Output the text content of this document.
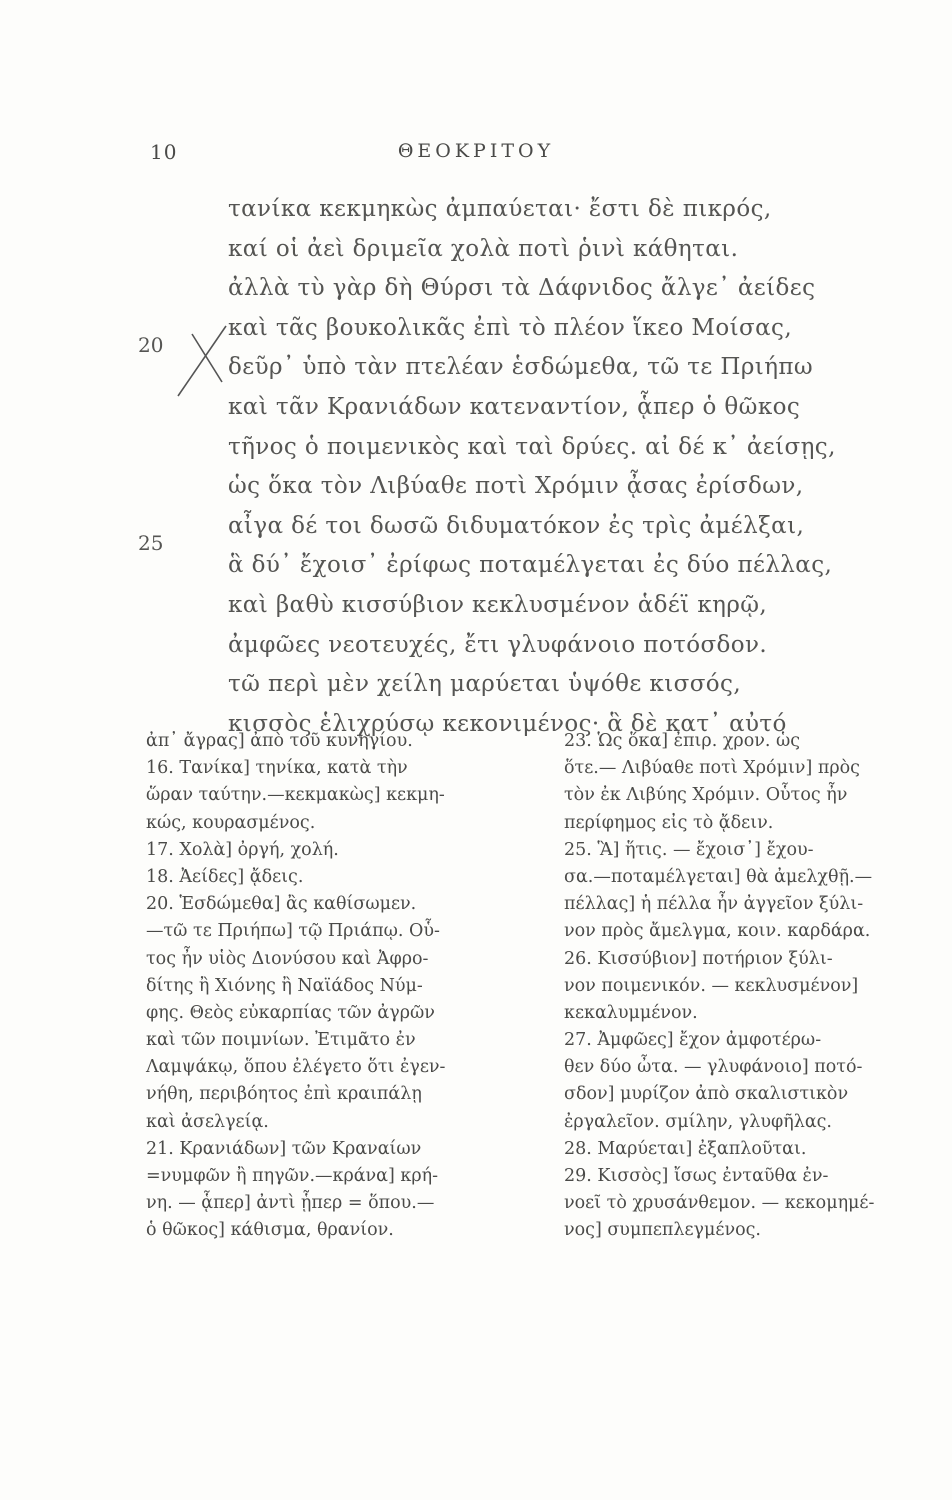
10	ΘΕΟΚΡΙΤΟΥ
20
25
τανίκα κεκμηκὼς ἀμπαύεται· ἔστι δὲ πικρός,
καί οἱ ἀεὶ δριμεῖα χολὰ ποτὶ ῥινὶ κάθηται.
ἀλλὰ τὺ γὰρ δὴ Θύρσι τὰ Δάφνιδος ἄλγε᾽ ἀείδες
καὶ τᾶς βουκολικᾶς ἐπὶ τὸ πλέον ἵκεο Μοίσας,
δεῦρ᾽ ὑπὸ τὰν πτελέαν ἑσδώμεθα, τῶ τε Πριήπω
καὶ τᾶν Κρανιάδων κατεναντίον, ᾇπερ ὁ θῶκος
τῆνος ὁ ποιμενικὸς καὶ ταὶ δρύες. αἰ δέ κ᾽ ἀείσῃς,
ὡς ὅκα τὸν Λιβύαθε ποτὶ Χρόμιν ᾆσας ἐρίσδων,
αἶγα δέ τοι δωσῶ διδυματόκον ἐς τρὶς ἀμέλξαι,
ἃ δύ᾽ ἔχοισ᾽ ἐρίφως ποταμέλγεται ἐς δύο πέλλας,
καὶ βαθὺ κισσύβιον κεκλυσμένον ἁδέϊ κηρῷ,
ἀμφῶες νεοτευχές, ἔτι γλυφάνοιο ποτόσδον.
τῶ περὶ μὲν χείλη μαρύεται ὑψόθε κισσός,
κισσὸς ἑλιχρύσῳ κεκονιμένος· ἃ δὲ κατ᾽ αὐτό
ἀπ᾽ ἄγρας] ἀπὸ τοῦ κυνηγίου.
16. Τανίκα] τηνίκα, κατὰ τὴν
ὥραν ταύτην.—κεκμακὼς] κεκμη-
κώς, κουρασμένος.
17. Χολὰ] ὀργή, χολή.
18. Ἀείδες] ᾄδεις.
20. Ἑσδώμεθα] ἂς καθίσωμεν.
—τῶ τε Πριήπω] τῷ Πριάπῳ. Οὗ-
τος ἦν υἱὸς Διονύσου καὶ Ἀφρο-
δίτης ἢ Χιόνης ἢ Ναϊάδος Νύμ-
φης. Θεὸς εὐκαρπίας τῶν ἀγρῶν
καὶ τῶν ποιμνίων. Ἐτιμᾶτο ἐν
Λαμψάκῳ, ὅπου ἐλέγετο ὅτι ἐγεν-
νήθη, περιβόητος ἐπὶ κραιπάλῃ
καὶ ἀσελγείᾳ.
21. Κρανιάδων] τῶν Κραναίων
=νυμφῶν ἢ πηγῶν.—κράνα] κρή-
νη. — ᾇπερ] ἀντὶ ᾗπερ = ὅπου.—
ὁ θῶκος] κάθισμα, θρανίον.
23. Ὡς ὅκα] ἐπιρ. χρον. ὡς
ὅτε.— Λιβύαθε ποτὶ Χρόμιν] πρὸς
τὸν ἐκ Λιβύης Χρόμιν. Οὗτος ἦν
περίφημος εἰς τὸ ᾄδειν.
25. Ἃ] ἥτις. — ἔχοισ᾽] ἔχου-
σα.—ποταμέλγεται] θὰ ἀμελχθῇ.—
πέλλας] ἡ πέλλα ἦν ἀγγεῖον ξύλι-
νον πρὸς ἄμελγμα, κοιν. καρδάρα.
26. Κισσύβιον] ποτήριον ξύλι-
νον ποιμενικόν. — κεκλυσμένον]
κεκαλυμμένον.
27. Ἀμφῶες] ἔχον ἀμφοτέρω-
θεν δύο ὦτα. — γλυφάνοιο] ποτό-
σδον] μυρίζον ἀπὸ σκαλιστικὸν
ἐργαλεῖον. σμίλην, γλυφῆλας.
28. Μαρύεται] ἐξαπλοῦται.
29. Κισσὸς] ἴσως ἐνταῦθα ἐν-
νοεῖ τὸ χρυσάνθεμον. — κεκομημέ-
νος] συμπεπλεγμένος.
